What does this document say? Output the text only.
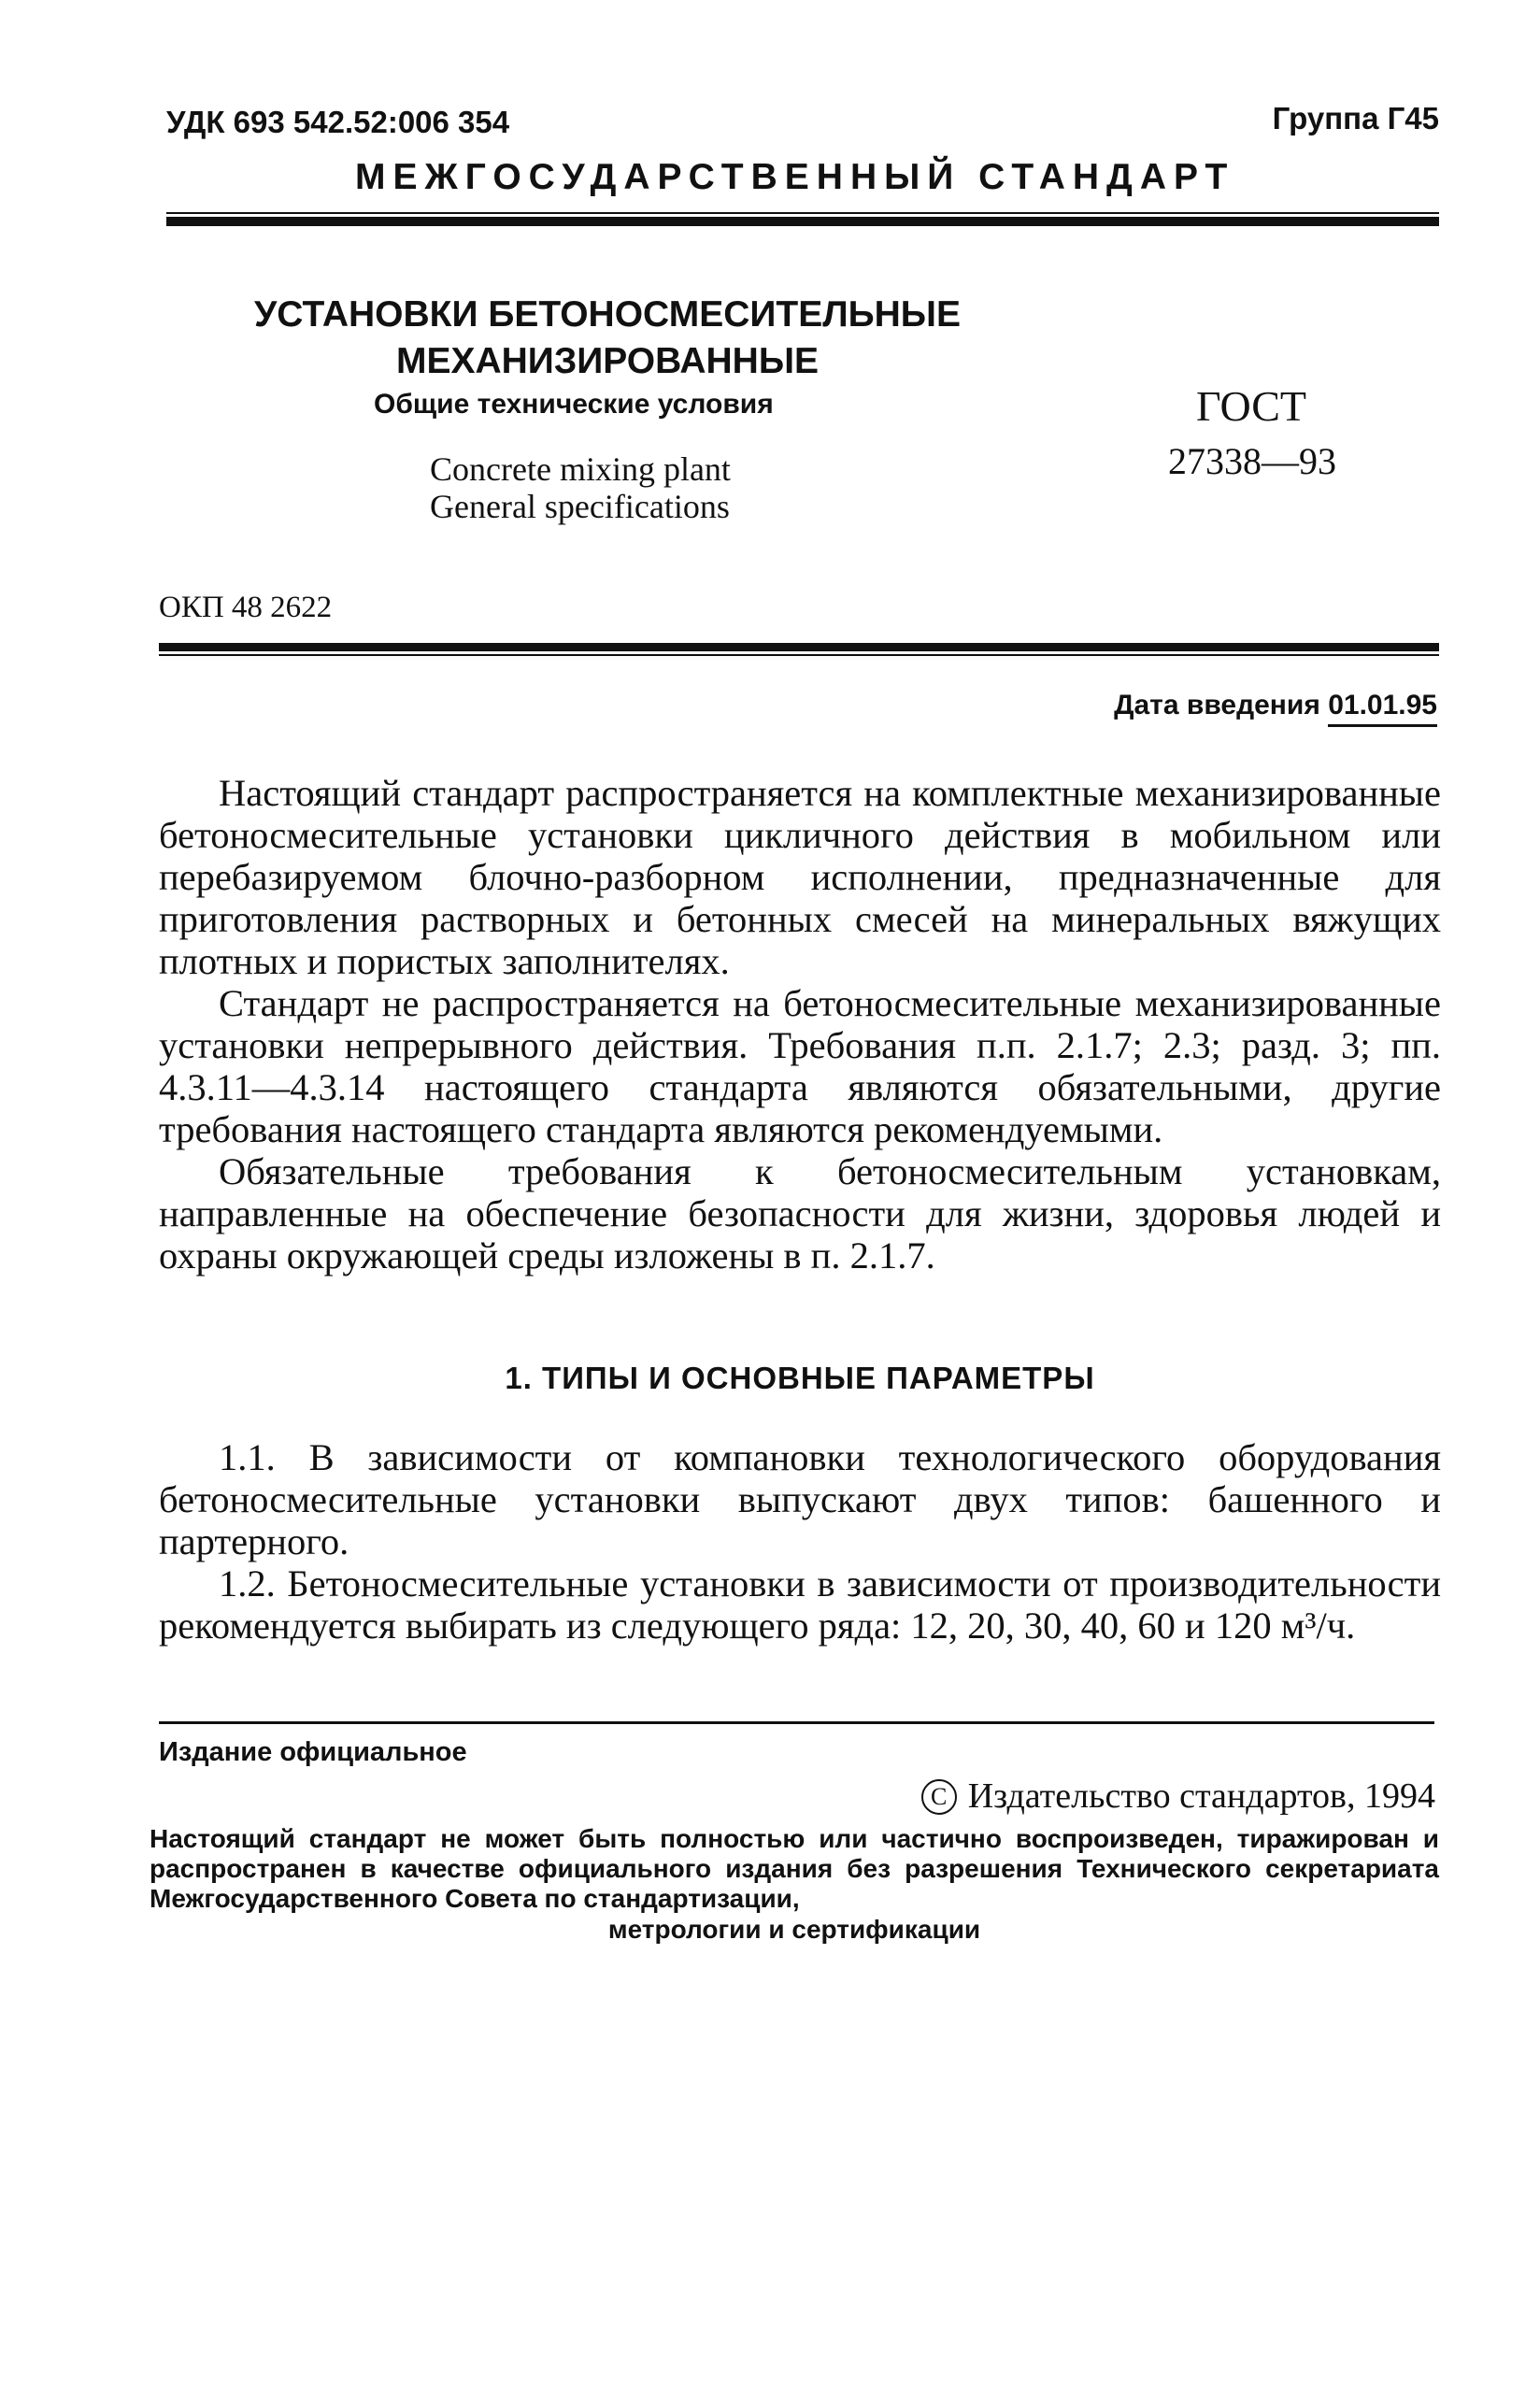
УДК 693 542.52:006 354	Группа Г45
МЕЖГОСУДАРСТВЕННЫЙ СТАНДАРТ
УСТАНОВКИ БЕТОНОСМЕСИТЕЛЬНЫЕ
МЕХАНИЗИРОВАННЫЕ
Общие технические условия
Concrete mixing plant
General specifications
ГОСТ
27338—93
ОКП 48 2622
Дата введения 01.01.95

Настоящий стандарт распространяется на комплектные механизированные бетоносмесительные установки цикличного действия в мобильном или перебазируемом блочно-разборном исполнении, предназначенные для приготовления растворных и бетонных смесей на минеральных вяжущих плотных и пористых заполнителях.

Стандарт не распространяется на бетоносмесительные механизированные установки непрерывного действия. Требования п.п. 2.1.7; 2.3; разд. 3; пп. 4.3.11—4.3.14 настоящего стандарта являются обязательными, другие требования настоящего стандарта являются рекомендуемыми.

Обязательные требования к бетоносмесительным установкам, направленные на обеспечение безопасности для жизни, здоровья людей и охраны окружающей среды изложены в п. 2.1.7.

1. ТИПЫ И ОСНОВНЫЕ ПАРАМЕТРЫ

1.1. В зависимости от компановки технологического оборудования бетоносмесительные установки выпускают двух типов: башенного и партерного.

1.2. Бетоносмесительные установки в зависимости от производительности рекомендуется выбирать из следующего ряда: 12, 20, 30, 40, 60 и 120 м³/ч.

Издание официальное
C Издательство стандартов, 1994
Настоящий стандарт не может быть полностью или частично воспроизведен, тиражирован и распространен в качестве официального издания без разрешения Технического секретариата Межгосударственного Совета по стандартизации,
метрологии и сертификации
